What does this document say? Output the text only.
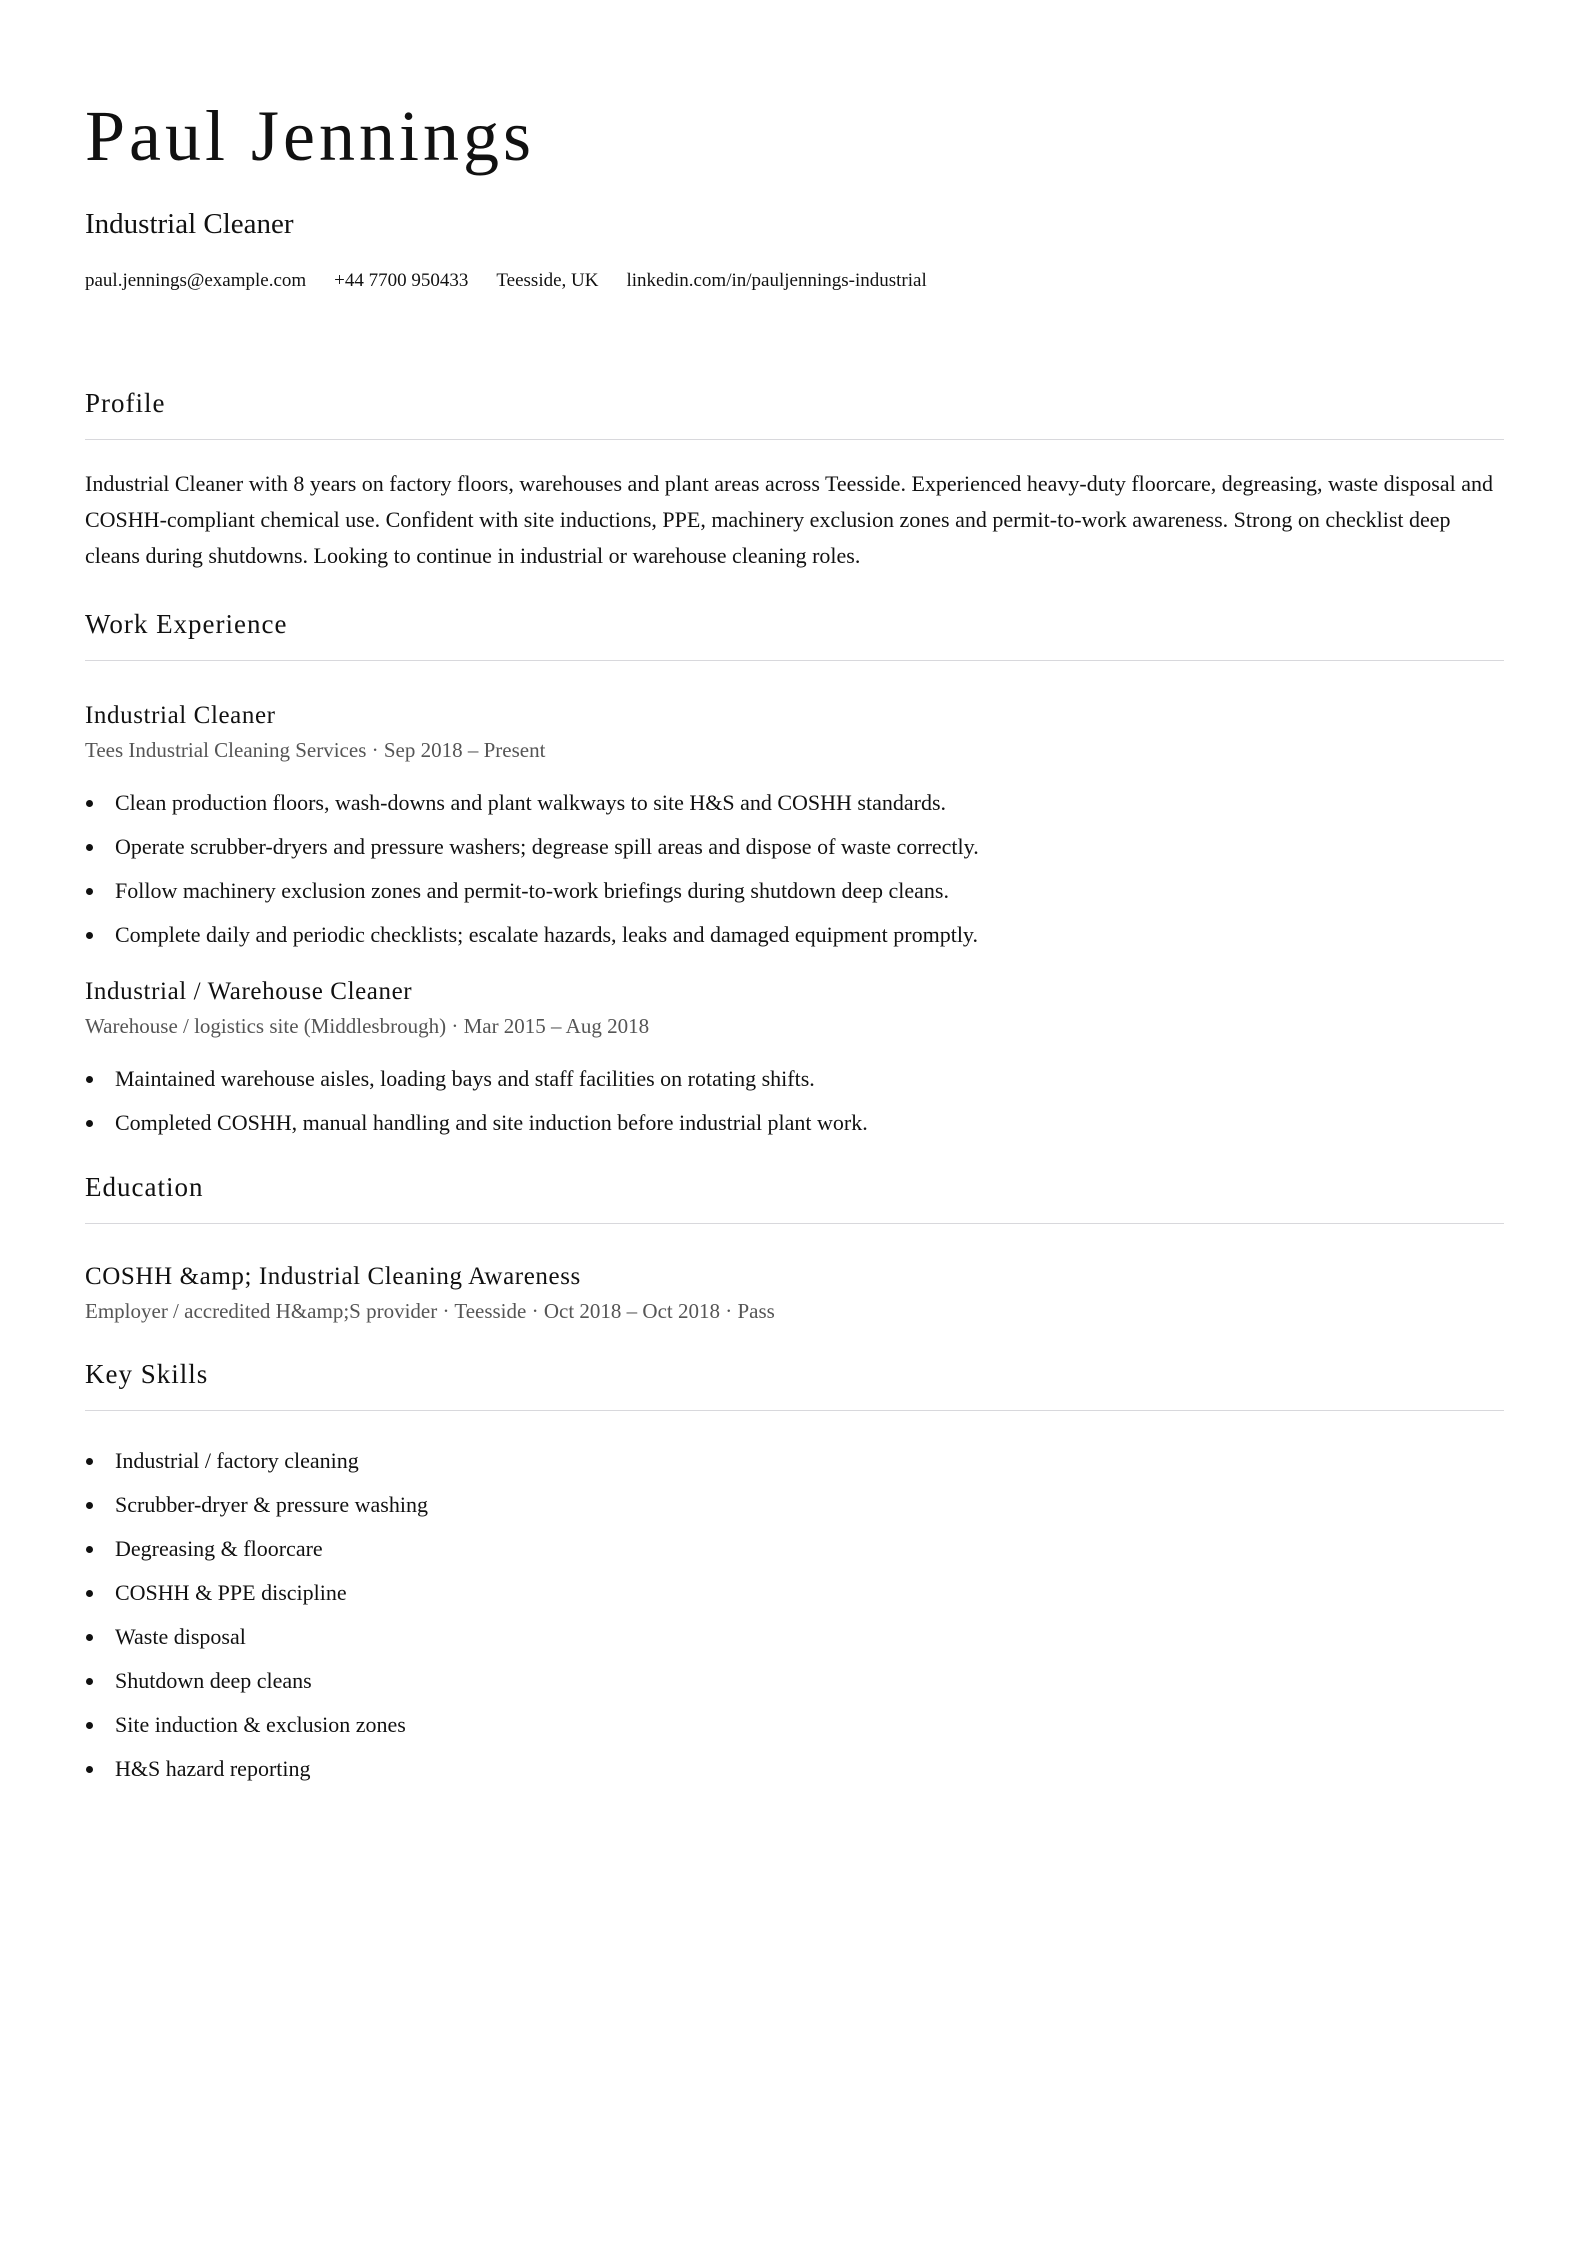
Paul Jennings
Industrial Cleaner
paul.jennings@example.com +44 7700 950433 Teesside, UK linkedin.com/in/pauljennings-industrial
Profile

Industrial Cleaner with 8 years on factory floors, warehouses and plant areas across Teesside. Experienced heavy-duty floorcare, degreasing, waste disposal and COSHH-compliant chemical use. Confident with site inductions, PPE, machinery exclusion zones and permit-to-work awareness. Strong on checklist deep cleans during shutdowns. Looking to continue in industrial or warehouse cleaning roles.

Work Experience
Industrial Cleaner
Tees Industrial Cleaning Services · Sep 2018 – Present
Clean production floors, wash-downs and plant walkways to site H&S and COSHH standards.
Operate scrubber-dryers and pressure washers; degrease spill areas and dispose of waste correctly.
Follow machinery exclusion zones and permit-to-work briefings during shutdown deep cleans.
Complete daily and periodic checklists; escalate hazards, leaks and damaged equipment promptly.
Industrial / Warehouse Cleaner
Warehouse / logistics site (Middlesbrough) · Mar 2015 – Aug 2018
Maintained warehouse aisles, loading bays and staff facilities on rotating shifts.
Completed COSHH, manual handling and site induction before industrial plant work.
Education
COSHH &amp; Industrial Cleaning Awareness
Employer / accredited H&amp;S provider · Teesside · Oct 2018 – Oct 2018 · Pass
Key Skills
Industrial / factory cleaning
Scrubber-dryer & pressure washing
Degreasing & floorcare
COSHH & PPE discipline
Waste disposal
Shutdown deep cleans
Site induction & exclusion zones
H&S hazard reporting
